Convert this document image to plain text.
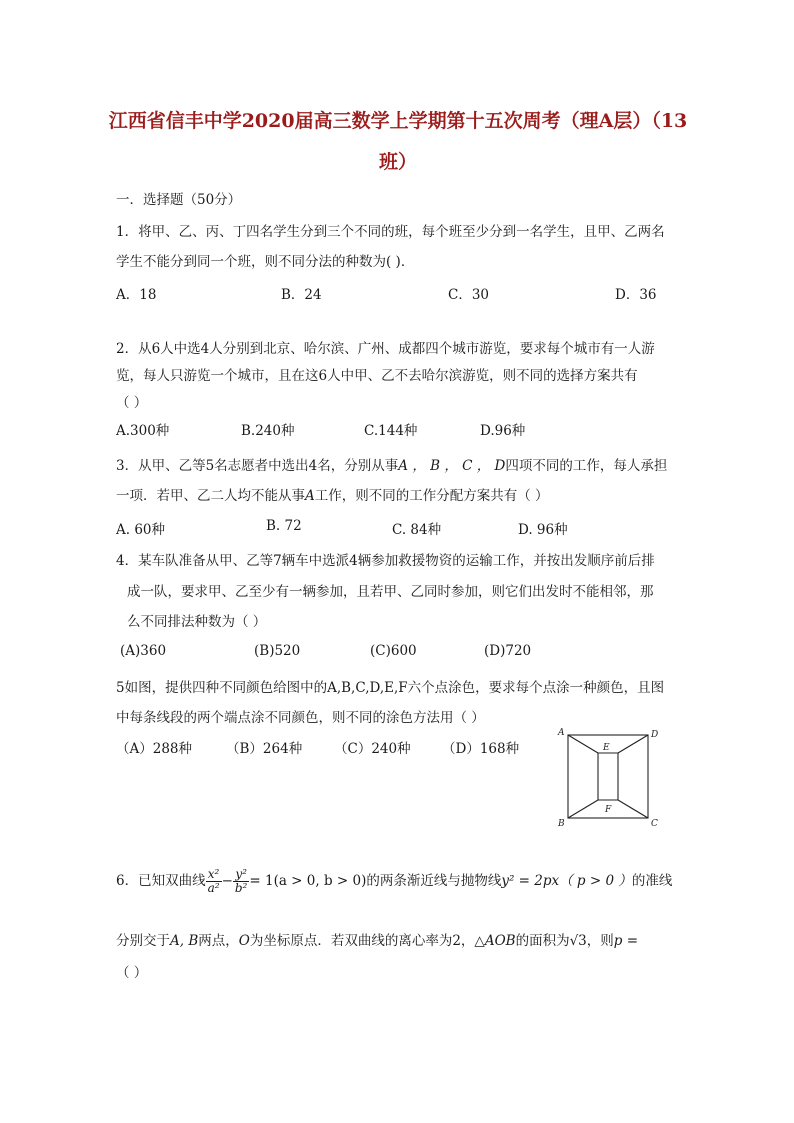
江西省信丰中学2020届高三数学上学期第十五次周考（理A层）（13
班）
一．选择题（50分）
1．将甲、乙、丙、丁四名学生分到三个不同的班，每个班至少分到一名学生，且甲、乙两名
学生不能分到同一个班，则不同分法的种数为( )．
A．18	B．24	C．30	D．36
2．从6人中选4人分别到北京、哈尔滨、广州、成都四个城市游览，要求每个城市有一人游
览，每人只游览一个城市，且在这6人中甲、乙不去哈尔滨游览，则不同的选择方案共有
（ ）
A.300种	B.240种	C.144种	D.96种
3．从甲、乙等5名志愿者中选出4名，分别从事A ， B ， C ， D四项不同的工作，每人承担
一项．若甲、乙二人均不能从事A工作，则不同的工作分配方案共有（ ）
A. 60种	B. 72	C. 84种	D. 96种
4．某车队准备从甲、乙等7辆车中选派4辆参加救援物资的运输工作，并按出发顺序前后排
成一队，要求甲、乙至少有一辆参加，且若甲、乙同时参加，则它们出发时不能相邻，那
么不同排法种数为（ ）
(A)360	(B)520	(C)600	(D)720
5如图，提供四种不同颜色给图中的A,B,C,D,E,F六个点涂色，要求每个点涂一种颜色，且图
中每条线段的两个端点涂不同颜色，则不同的涂色方法用（ ）
（A）288种	（B）264种 （C）240种 （D）168种
A	D
E
F
B	C
6．已知双曲线 $\frac{\text{x²}}{\text{a²}} - \frac{\text{y²}}{\text{b²}} = 1(a > 0$, b > 0)的两条渐近线与抛物线y² = 2px（ p > 0 ）的准线
分别交于A, B两点，O为坐标原点．若双曲线的离心率为2，△AOB的面积为√3，则p =
（ ）
